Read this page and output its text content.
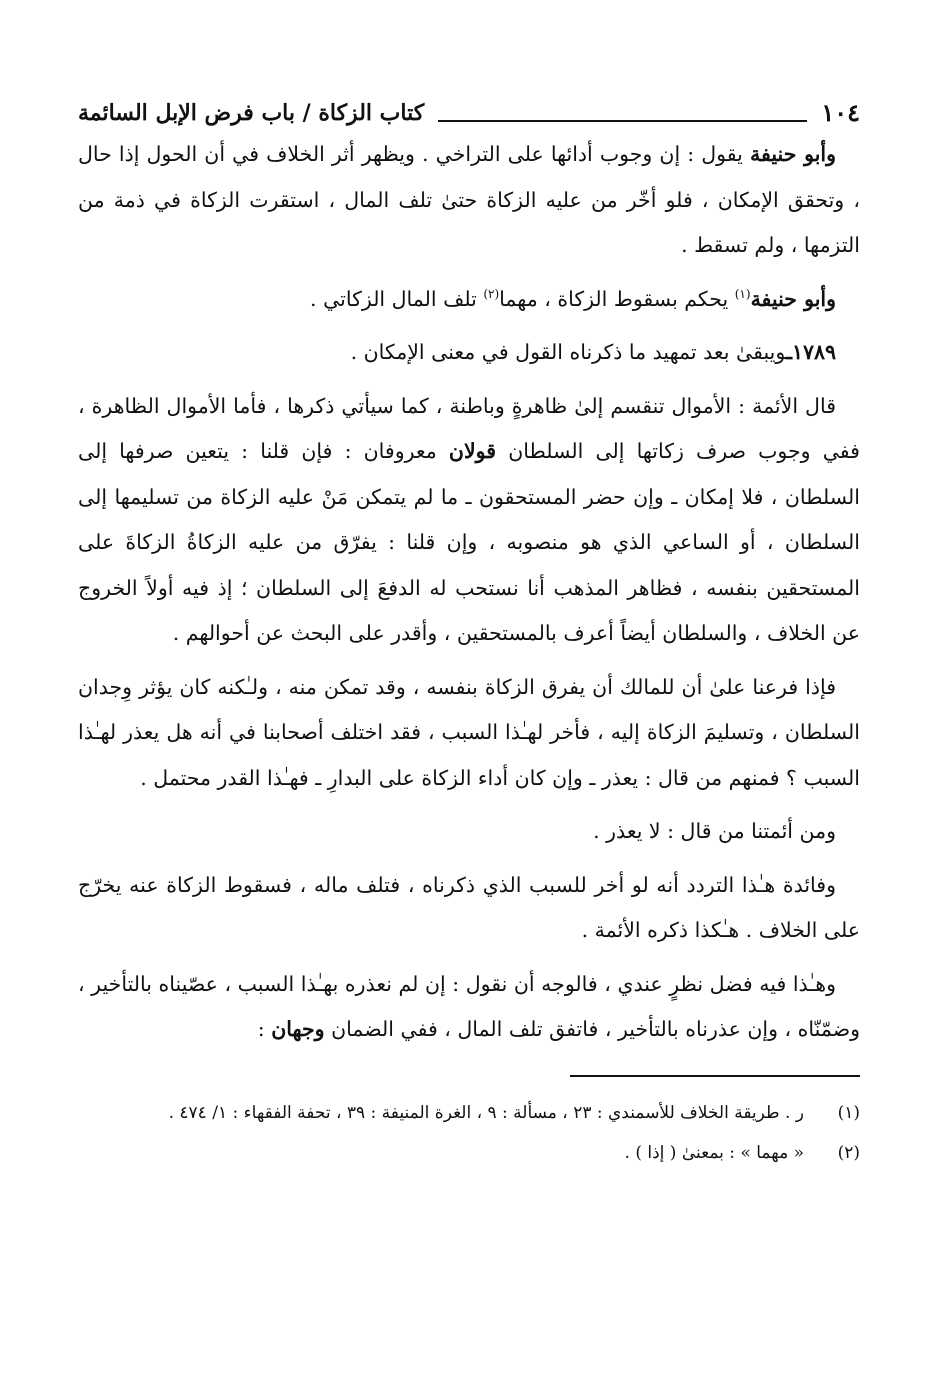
١٠٤
كتاب الزكاة / باب فرض الإبل السائمة

وأبو حنيفة يقول : إن وجوب أدائها على التراخي . ويظهر أثر الخلاف في أن الحول إذا حال ، وتحقق الإمكان ، فلو أخّر من عليه الزكاة حتىٰ تلف المال ، استقرت الزكاة في ذمة من التزمها ، ولم تسقط .

وأبو حنيفة$^{(١)}$ يحكم بسقوط الزكاة ، مهما$^{(٢)}$ تلف المال الزكاتي .

١٧٨٩ـويبقىٰ بعد تمهيد ما ذكرناه القول في معنى الإمكان .

قال الأئمة : الأموال تنقسم إلىٰ ظاهرةٍ وباطنة ، كما سيأتي ذكرها ، فأما الأموال الظاهرة ، ففي وجوب صرف زكاتها إلى السلطان قولان معروفان : فإن قلنا : يتعين صرفها إلى السلطان ، فلا إمكان ـ وإن حضر المستحقون ـ ما لم يتمكن مَنْ عليه الزكاة من تسليمها إلى السلطان ، أو الساعي الذي هو منصوبه ، وإن قلنا : يفرّق من عليه الزكاةُ الزكاةَ على المستحقين بنفسه ، فظاهر المذهب أنا نستحب له الدفعَ إلى السلطان ؛ إذ فيه أولاً الخروج عن الخلاف ، والسلطان أيضاً أعرف بالمستحقين ، وأقدر على البحث عن أحوالهم .

فإذا فرعنا علىٰ أن للمالك أن يفرق الزكاة بنفسه ، وقد تمكن منه ، ولـٰكنه كان يؤثر وِجدان السلطان ، وتسليمَ الزكاة إليه ، فأخر لهـٰذا السبب ، فقد اختلف أصحابنا في أنه هل يعذر لهـٰذا السبب ؟ فمنهم من قال : يعذر ـ وإن كان أداء الزكاة على البدارِ ـ فهـٰذا القدر محتمل .

ومن أئمتنا من قال : لا يعذر .

وفائدة هـٰذا التردد أنه لو أخر للسبب الذي ذكرناه ، فتلف ماله ، فسقوط الزكاة عنه يخرّج على الخلاف . هـٰكذا ذكره الأئمة .

وهـٰذا فيه فضل نظرٍ عندي ، فالوجه أن نقول : إن لم نعذره بهـٰذا السبب ، عصّيناه بالتأخير ، وضمّنّاه ، وإن عذرناه بالتأخير ، فاتفق تلف المال ، ففي الضمان وجهان :

(١)
ر . طريقة الخلاف للأسمندي : ٢٣ ، مسألة : ٩ ، الغرة المنيفة : ٣٩ ، تحفة الفقهاء : ١/ ٤٧٤ .

(٢)
« مهما » : بمعنىٰ ( إذا ) .
